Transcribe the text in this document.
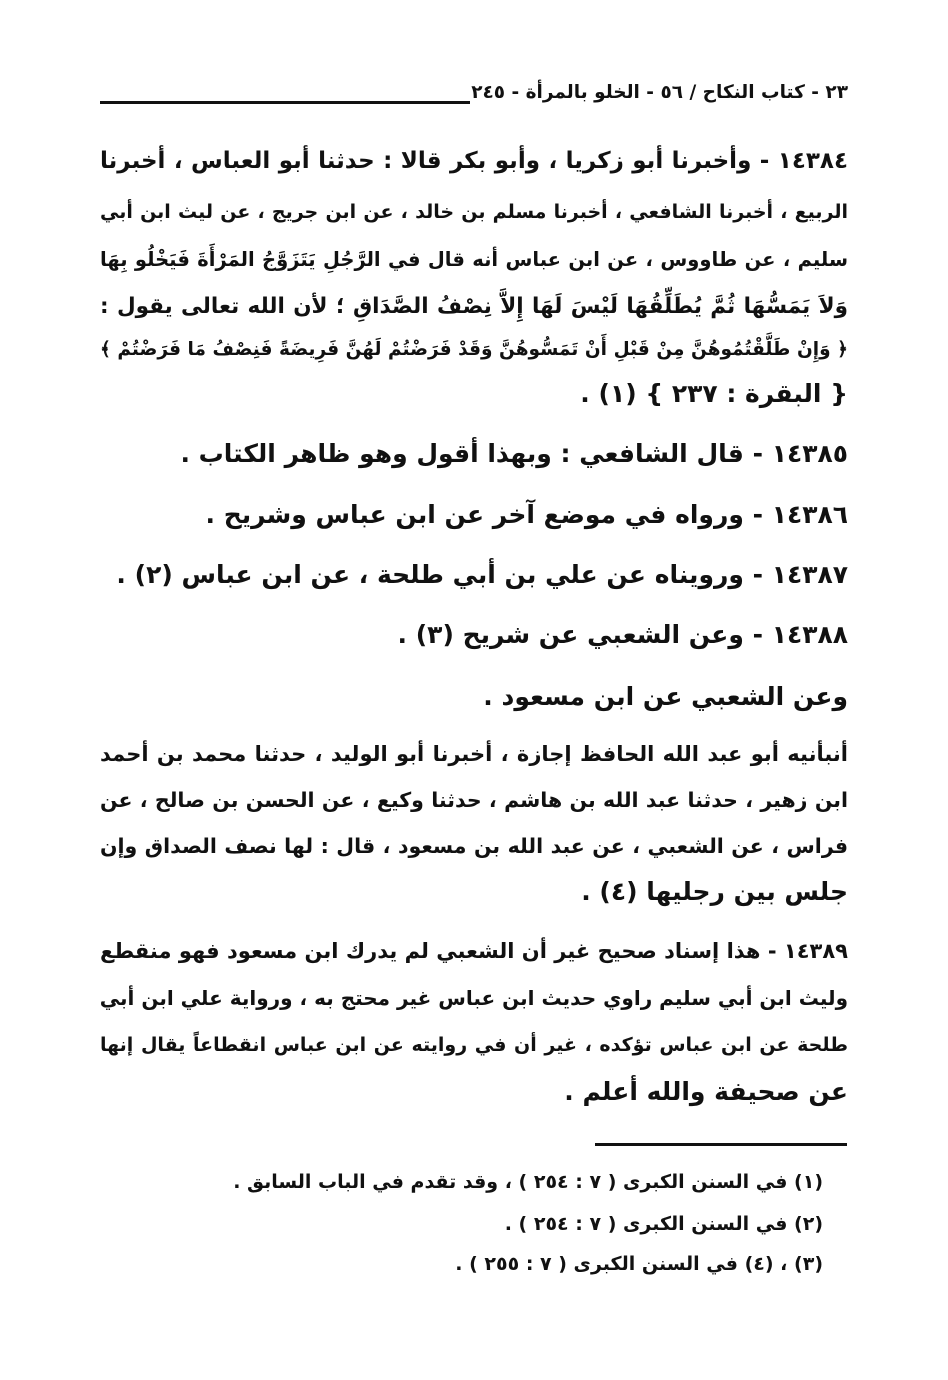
٢٣ - كتاب النكاح / ٥٦ - الخلو بالمرأة - ٢٤٥
١٤٣٨٤ - وأخبرنا أبو زكريا ، وأبو بكر قالا : حدثنا أبو العباس ، أخبرنا
الربيع ، أخبرنا الشافعي ، أخبرنا مسلم بن خالد ، عن ابن جريج ، عن ليث ابن أبي
سليم ، عن طاووس ، عن ابن عباس أنه قال في الرَّجُلِ يَتَزَوَّجُ المَرْأَةَ فَيَخْلُو بِهَا
وَلاَ يَمَسُّهَا ثُمَّ يُطَلِّقُهَا لَيْسَ لَهَا إِلاَّ نِصْفُ الصَّدَاقِ ؛ لأن الله تعالى يقول :
﴿ وَإِنْ طَلَّقْتُمُوهُنَّ مِنْ قَبْلِ أَنْ تَمَسُّوهُنَّ وَقَدْ فَرَضْتُمْ لَهُنَّ فَرِيضَةً فَنِصْفُ مَا فَرَضْتُمْ ﴾
{ البقرة : ٢٣٧ } (١) .
١٤٣٨٥ - قال الشافعي : وبهذا أقول وهو ظاهر الكتاب .
١٤٣٨٦ - ورواه في موضع آخر عن ابن عباس وشريح .
١٤٣٨٧ - ورويناه عن علي بن أبي طلحة ، عن ابن عباس (٢) .
١٤٣٨٨ - وعن الشعبي عن شريح (٣) .
وعن الشعبي عن ابن مسعود .
أنبأنيه أبو عبد الله الحافظ إجازة ، أخبرنا أبو الوليد ، حدثنا محمد بن أحمد
ابن زهير ، حدثنا عبد الله بن هاشم ، حدثنا وكيع ، عن الحسن بن صالح ، عن
فراس ، عن الشعبي ، عن عبد الله بن مسعود ، قال : لها نصف الصداق وإن
جلس بين رجليها (٤) .
١٤٣٨٩ - هذا إسناد صحيح غير أن الشعبي لم يدرك ابن مسعود فهو منقطع
وليث ابن أبي سليم راوي حديث ابن عباس غير محتج به ، ورواية علي ابن أبي
طلحة عن ابن عباس تؤكده ، غير أن في روايته عن ابن عباس انقطاعاً يقال إنها
عن صحيفة والله أعلم .
(١) في السنن الكبرى ( ٧ : ٢٥٤ ) ، وقد تقدم في الباب السابق .
(٢) في السنن الكبرى ( ٧ : ٢٥٤ ) .
(٣) ، (٤) في السنن الكبرى ( ٧ : ٢٥٥ ) .
